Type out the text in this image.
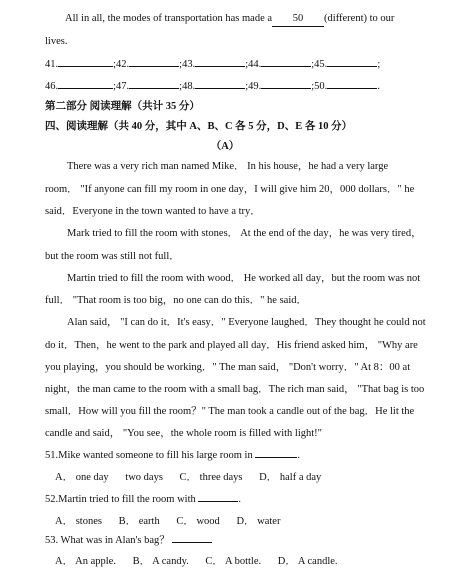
All in all, the modes of transportation has made a 50 (different) to our
lives.
41.	;42.	;43.	;44.	;45.	;
46.	;47.	;48.	;49.	;50.	.
第二部分 阅读理解（共计 35 分）
四、阅读理解（共 40 分，其中 A、B、C 各 5 分，D、E 各 10 分）
（A）
There was a very rich man named Mike． In his house，he had a very large
room． "If anyone can fill my room in one day，I will give him 20，000 dollars．" he
said．Everyone in the town wanted to have a try．
Mark tried to fill the room with stones． At the end of the day，he was very tired，
but the room was still not full．
Martin tried to fill the room with wood． He worked all day，but the room was not
full． "That room is too big，no one can do this．" he said．
Alan said， "I can do it．It's easy．" Everyone laughed．They thought he could not
do it．Then，he went to the park and played all day．His friend asked him， "Why are
you playing，you should be working．" The man said， "Don't worry．" At 8：00 at
night，the man came to the room with a small bag．The rich man said， "That bag is too
small．How will you fill the room？" The man took a candle out of the bag．He lit the
candle and said， "You see，the whole room is filled with light!"
51.Mike wanted someone to fill his large room in	.
A． one day two days C． three days D． half a day
52.Martin tried to fill the room with	.
A． stones B． earth C． wood D． water
53. What was in Alan's bag？
A． An apple. B． A candy. C． A bottle. D． A candle.
